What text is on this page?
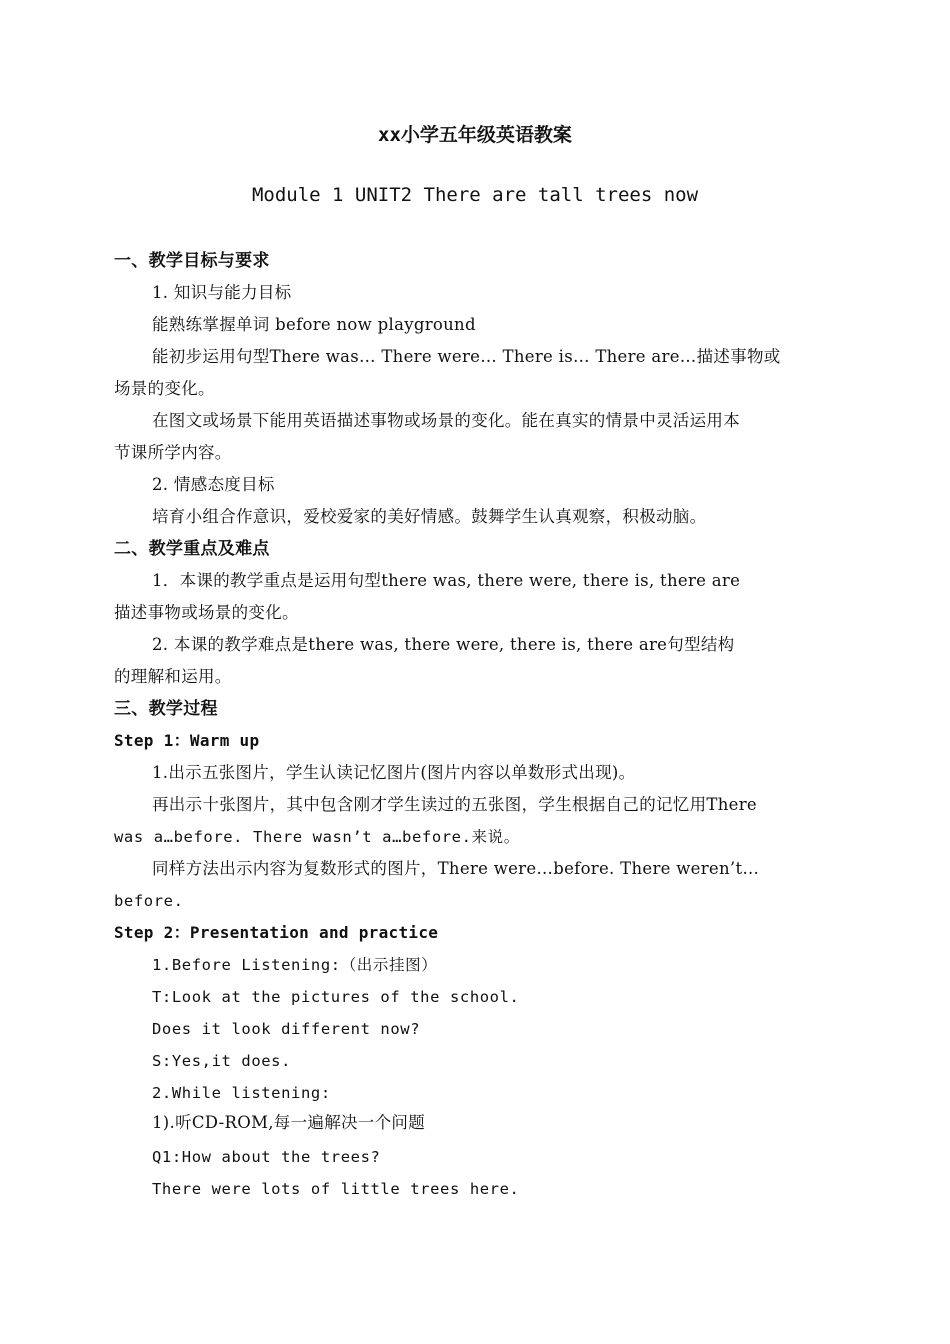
xx小学五年级英语教案
Module 1 UNIT2 There are tall trees now
一、教学目标与要求
1. 知识与能力目标
能熟练掌握单词 before now playground
能初步运用句型There was… There were… There is… There are…描述事物或
场景的变化。
在图文或场景下能用英语描述事物或场景的变化。能在真实的情景中灵活运用本
节课所学内容。
2. 情感态度目标
培育小组合作意识，爱校爱家的美好情感。鼓舞学生认真观察，积极动脑。
二、教学重点及难点
1．本课的教学重点是运用句型there was, there were, there is, there are
描述事物或场景的变化。
2. 本课的教学难点是there was, there were, there is, there are句型结构
的理解和运用。
三、教学过程
Step 1：Warm up
1.出示五张图片，学生认读记忆图片(图片内容以单数形式出现)。
再出示十张图片，其中包含刚才学生读过的五张图，学生根据自己的记忆用There
was a…before. There wasn’t a…before.来说。
同样方法出示内容为复数形式的图片，There were…before. There weren’t…
before.
Step 2：Presentation and practice
1.Before Listening:（出示挂图）
T:Look at the pictures of the school.
Does it look different now?
S:Yes,it does.
2.While listening:
1).听CD-ROM,每一遍解决一个问题
Q1:How about the trees?
There were lots of little trees here.
